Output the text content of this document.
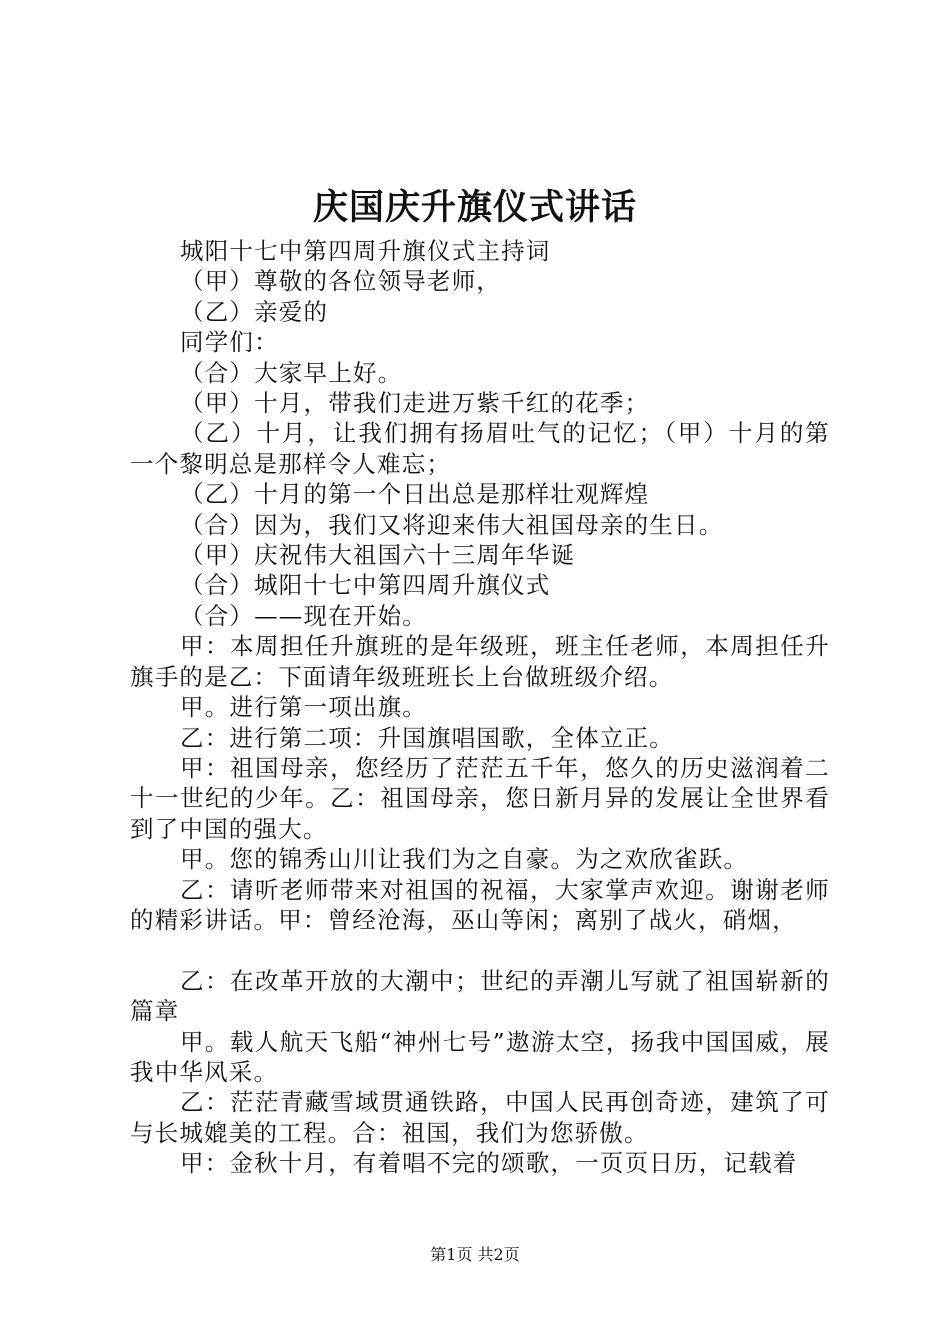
庆国庆升旗仪式讲话

城阳十七中第四周升旗仪式主持词

（甲）尊敬的各位领导老师，

（乙）亲爱的

同学们：

（合）大家早上好。

（甲）十月，带我们走进万紫千红的花季；

（乙）十月，让我们拥有扬眉吐气的记忆；（甲）十月的第一个黎明总是那样令人难忘；

（乙）十月的第一个日出总是那样壮观辉煌

（合）因为，我们又将迎来伟大祖国母亲的生日。

（甲）庆祝伟大祖国六十三周年华诞

（合）城阳十七中第四周升旗仪式

（合）——现在开始。

甲：本周担任升旗班的是年级班，班主任老师，本周担任升旗手的是乙：下面请年级班班长上台做班级介绍。

甲。进行第一项出旗。

乙：进行第二项：升国旗唱国歌，全体立正。

甲：祖国母亲，您经历了茫茫五千年，悠久的历史滋润着二十一世纪的少年。乙：祖国母亲，您日新月异的发展让全世界看到了中国的强大。

甲。您的锦秀山川让我们为之自豪。为之欢欣雀跃。

乙：请听老师带来对祖国的祝福，大家掌声欢迎。谢谢老师的精彩讲话。甲：曾经沧海，巫山等闲；离别了战火，硝烟，

乙：在改革开放的大潮中；世纪的弄潮儿写就了祖国崭新的篇章

甲。载人航天飞船“神州七号”遨游太空，扬我中国国威，展我中华风采。

乙：茫茫青藏雪域贯通铁路，中国人民再创奇迹，建筑了可与长城媲美的工程。合：祖国，我们为您骄傲。

甲：金秋十月，有着唱不完的颂歌，一页页日历，记载着

第1页 共2页
